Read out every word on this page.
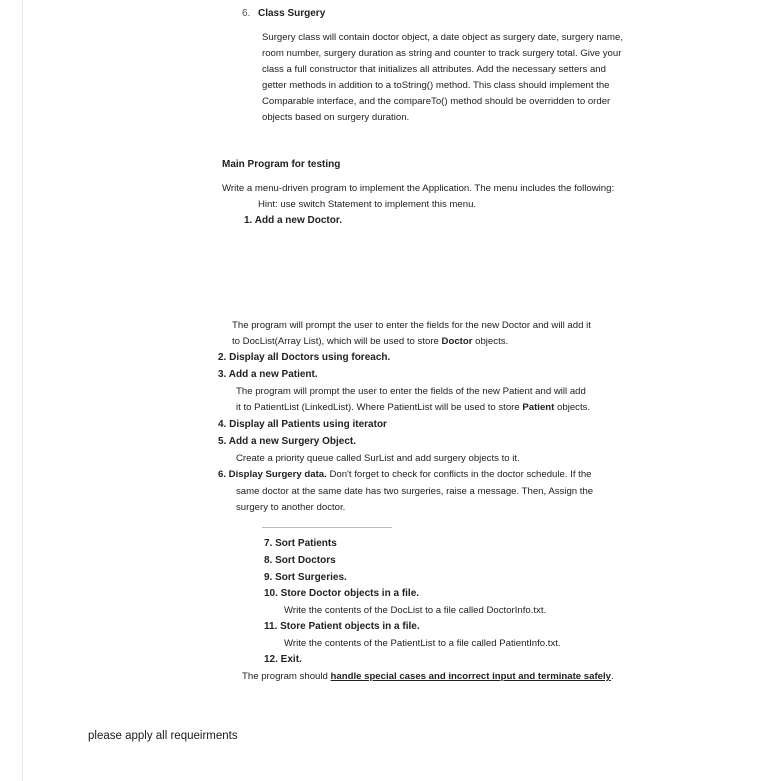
6. Class Surgery
Surgery class will contain doctor object, a date object as surgery date, surgery name,
room number, surgery duration as string and counter to track surgery total. Give your
class a full constructor that initializes all attributes. Add the necessary setters and
getter methods in addition to a toString() method. This class should implement the
Comparable interface, and the compareTo() method should be overridden to order
objects based on surgery duration.
Main Program for testing
Write a menu-driven program to implement the Application. The menu includes the following:
Hint: use switch Statement to implement this menu.
1. Add a new Doctor.
The program will prompt the user to enter the fields for the new Doctor and will add it
to DocList(Array List), which will be used to store Doctor objects.
2. Display all Doctors using foreach.
3. Add a new Patient.
The program will prompt the user to enter the fields of the new Patient and will add
it to PatientList (LinkedList). Where PatientList will be used to store Patient objects.
4. Display all Patients using iterator
5. Add a new Surgery Object.
Create a priority queue called SurList and add surgery objects to it.
6. Display Surgery data. Don't forget to check for conflicts in the doctor schedule. If the
same doctor at the same date has two surgeries, raise a message. Then, Assign the
surgery to another doctor.
7. Sort Patients
8. Sort Doctors
9. Sort Surgeries.
10. Store Doctor objects in a file.
Write the contents of the DocList to a file called DoctorInfo.txt.
11. Store Patient objects in a file.
Write the contents of the PatientList to a file called PatientInfo.txt.
12. Exit.
The program should handle special cases and incorrect input and terminate safely.
please apply all requeirments
